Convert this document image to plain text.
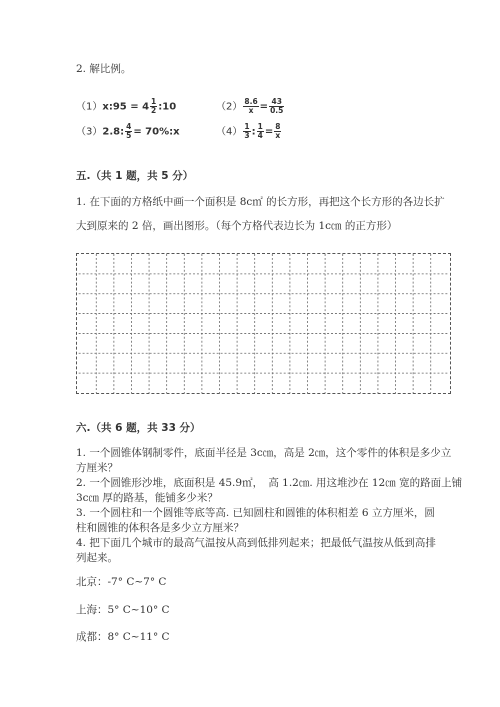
2. 解比例。
（1）x:95 = $4 \frac{1}{2}$ :10	$(2) \frac{8.6}{x} = \frac{43}{0.5}$
（3）2.8: $\frac{4}{5}$ = 70%:x	$(4) \frac{1}{3}$ : $\frac{1}{4} = \frac{8}{x}$
五.（共 1 题，共 5 分）
1. 在下面的方格纸中画一个面积是 8c㎡ 的长方形，再把这个长方形的各边长扩
大到原来的 2 倍，画出图形。（每个方格代表边长为 1c㎝ 的正方形）
六.（共 6 题，共 33 分）
1. 一个圆锥体钢制零件，底面半径是 3c㎝，高是 2㎝，这个零件的体积是多少立
方厘米？
2. 一个圆锥形沙堆，底面积是 45.9㎡，　高 1.2㎝. 用这堆沙在 12㎝ 宽的路面上铺
3c㎝ 厚的路基，能铺多少米？
3. 一个圆柱和一个圆锥等底等高. 已知圆柱和圆锥的体积相差 6 立方厘米，圆
柱和圆锥的体积各是多少立方厘米？
4. 把下面几个城市的最高气温按从高到低排列起来；把最低气温按从低到高排
列起来。
北京：-7° C~7° C
上海：5° C~10° C
成都：8° C~11° C
